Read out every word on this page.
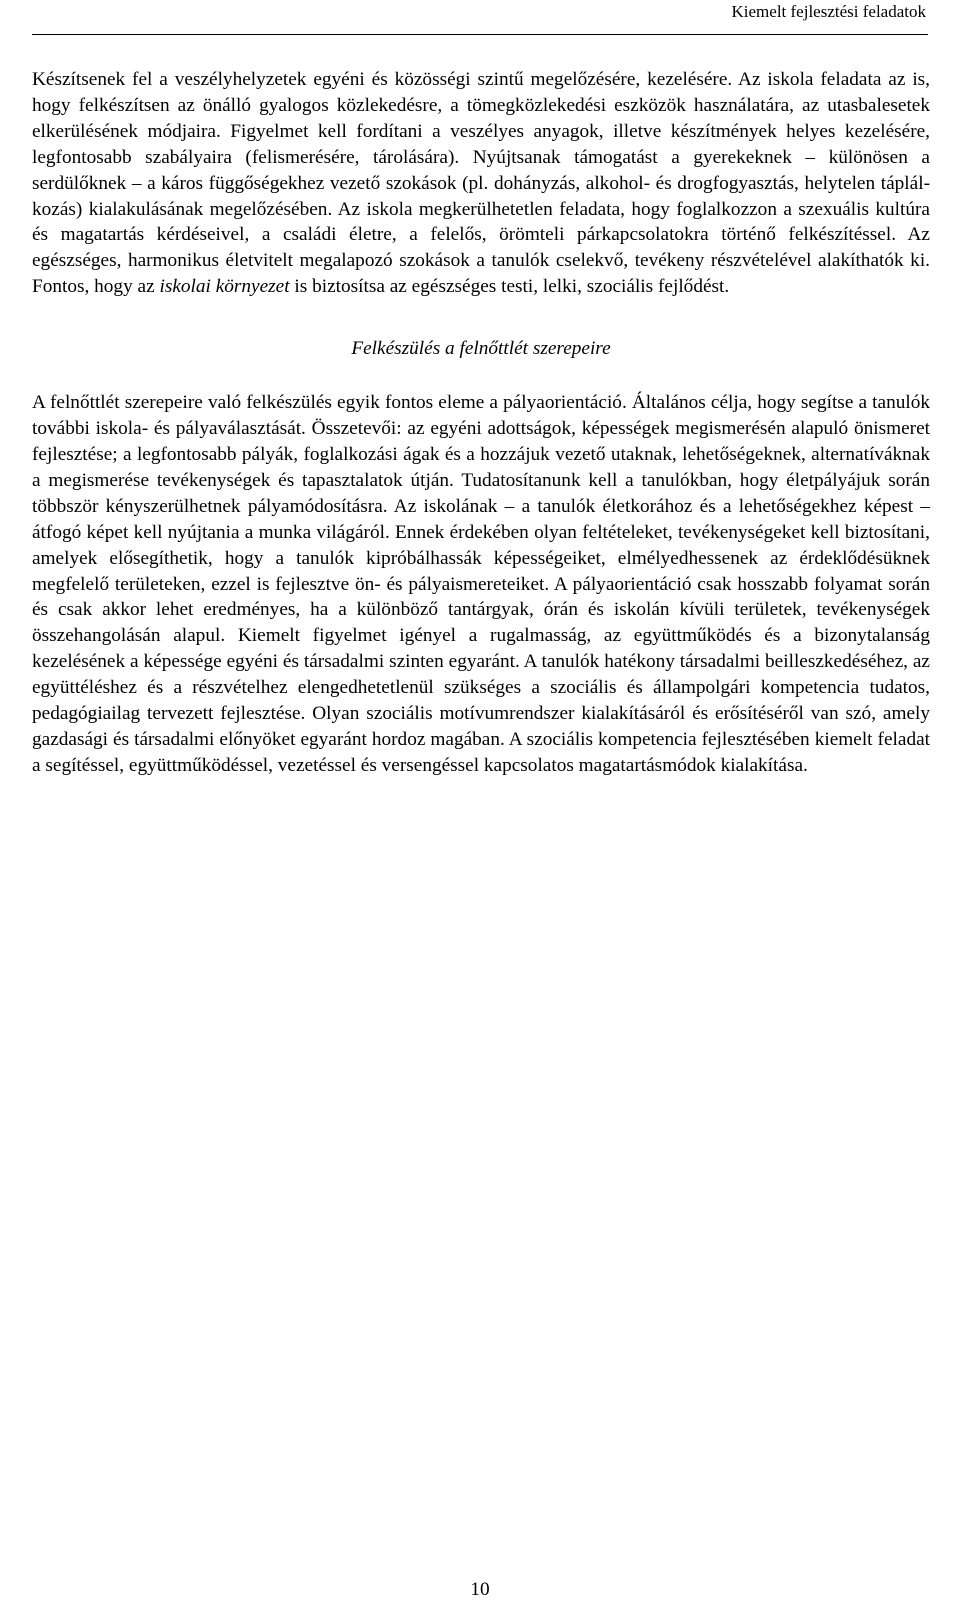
Kiemelt fejlesztési feladatok

Készítsenek fel a veszélyhelyzetek egyéni és közösségi szintű megelőzésére, kezelésére. Az iskola feladata az is, hogy felkészítsen az önálló gyalogos közlekedésre, a tömegközlekedési eszközök használatára, az utasbalesetek elkerülésének módjaira. Figyelmet kell fordítani a veszélyes anyagok, illetve készítmények helyes kezelésére, legfontosabb szabályaira (felismerésére, tárolására). Nyújtsanak támogatást a gyerekeknek – különösen a serdülőknek – a káros függőségekhez vezető szokások (pl. dohányzás, alkohol- és drogfogyasztás, helytelen táplálkozás) kialakulásának megelőzésében. Az iskola megkerülhetetlen feladata, hogy foglalkozzon a szexuális kultúra és magatartás kérdéseivel, a családi életre, a felelős, örömteli párkapcsolatokra történő felkészítéssel. Az egészséges, harmonikus életvitelt megalapozó szokások a tanulók cselekvő, tevékeny részvételével alakíthatók ki. Fontos, hogy az iskolai környezet is biztosítsa az egészséges testi, lelki, szociális fejlődést.

Felkészülés a felnőttlét szerepeire

A felnőttlét szerepeire való felkészülés egyik fontos eleme a pályaorientáció. Általános célja, hogy segítse a tanulók további iskola- és pályaválasztását. Összetevői: az egyéni adottságok, képességek megismerésén alapuló önismeret fejlesztése; a legfontosabb pályák, foglalkozási ágak és a hozzájuk vezető utaknak, lehetőségeknek, alternatíváknak a megismerése tevékenységek és tapasztalatok útján. Tudatosítanunk kell a tanulókban, hogy életpályájuk során többször kényszerülhetnek pályamódosításra. Az iskolának – a tanulók életkorához és a lehetőségekhez képest – átfogó képet kell nyújtania a munka világáról. Ennek érdekében olyan feltételeket, tevékenységeket kell biztosítani, amelyek elősegíthetik, hogy a tanulók kipróbálhassák képességeiket, elmélyedhessenek az érdeklődésüknek megfelelő területeken, ezzel is fejlesztve ön- és pályaismereteiket. A pályaorientáció csak hosszabb folyamat során és csak akkor lehet eredményes, ha a különböző tantárgyak, órán és iskolán kívüli területek, tevékenységek összehangolásán alapul. Kiemelt figyelmet igényel a rugalmasság, az együttműködés és a bizonytalanság kezelésének a képessége egyéni és társadalmi szinten egyaránt. A tanulók hatékony társadalmi beilleszkedéséhez, az együttéléshez és a részvételhez elengedhetetlenül szükséges a szociális és állampolgári kompetencia tudatos, pedagógiailag tervezett fejlesztése. Olyan szociális motívumrendszer kialakításáról és erősítéséről van szó, amely gazdasági és társadalmi előnyöket egyaránt hordoz magában. A szociális kompetencia fejlesztésében kiemelt feladat a segítéssel, együttműködéssel, vezetéssel és versengéssel kapcsolatos magatartásmódok kialakítása.

10
